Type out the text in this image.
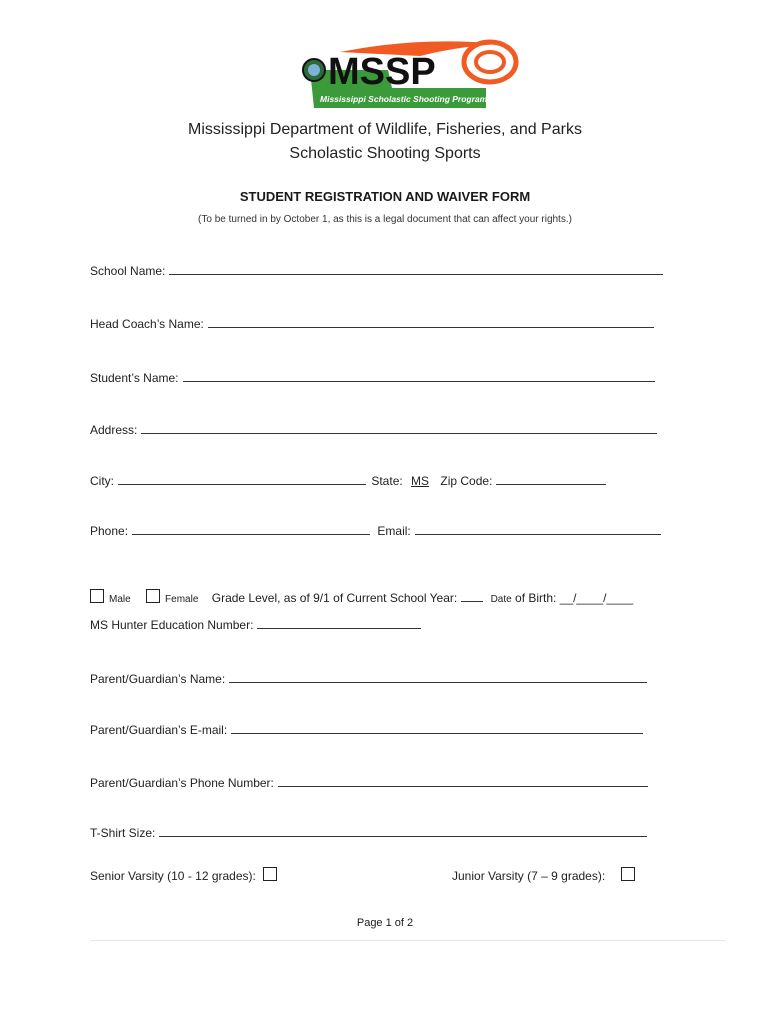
MSSP
Mississippi Scholastic Shooting Program
Mississippi Department of Wildlife, Fisheries, and Parks
Scholastic Shooting Sports
STUDENT REGISTRATION AND WAIVER FORM
(To be turned in by October 1, as this is a legal document that can affect your rights.)
School Name:
Head Coach’s Name:
Student’s Name:
Address:
City:	State: MS Zip Code:
Phone:	Email:
Male	Female Grade Level, as of 9/1 of Current School Year:	Date of Birth: __/____/____
MS Hunter Education Number:
Parent/Guardian’s Name:
Parent/Guardian’s E-mail:
Parent/Guardian’s Phone Number:
T-Shirt Size:
Senior Varsity (10 - 12 grades):	Junior Varsity (7 – 9 grades):
Page 1 of 2
